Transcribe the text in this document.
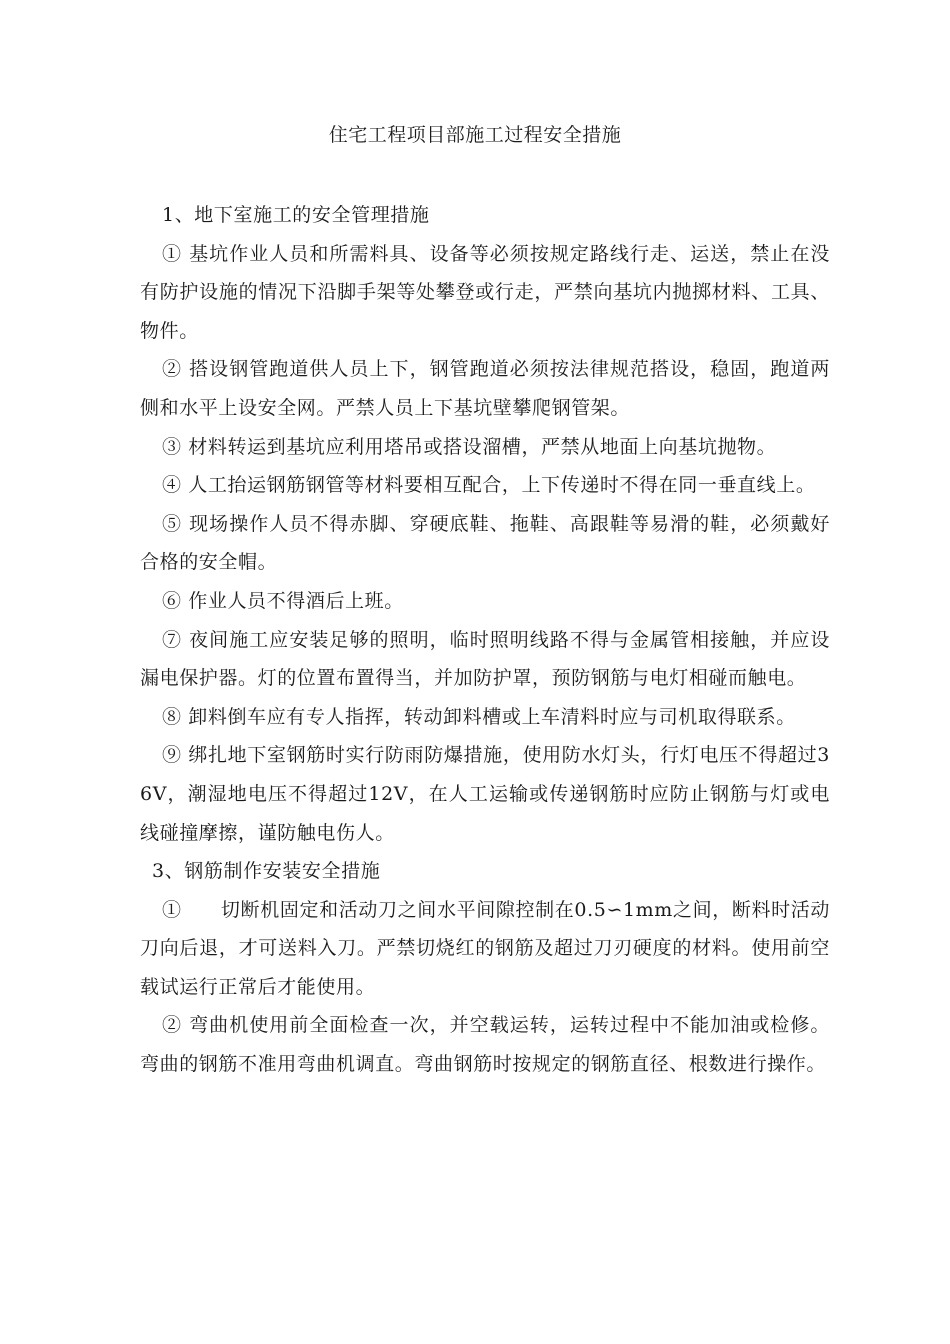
住宅工程项目部施工过程安全措施

1、地下室施工的安全管理措施

① 基坑作业人员和所需料具、设备等必须按规定路线行走、运送，禁止在没有防护设施的情况下沿脚手架等处攀登或行走，严禁向基坑内抛掷材料、工具、物件。

② 搭设钢管跑道供人员上下，钢管跑道必须按法律规范搭设，稳固，跑道两侧和水平上设安全网。严禁人员上下基坑壁攀爬钢管架。

③ 材料转运到基坑应利用塔吊或搭设溜槽，严禁从地面上向基坑抛物。

④ 人工抬运钢筋钢管等材料要相互配合，上下传递时不得在同一垂直线上。

⑤ 现场操作人员不得赤脚、穿硬底鞋、拖鞋、高跟鞋等易滑的鞋，必须戴好合格的安全帽。

⑥ 作业人员不得酒后上班。

⑦ 夜间施工应安装足够的照明，临时照明线路不得与金属管相接触，并应设漏电保护器。灯的位置布置得当，并加防护罩，预防钢筋与电灯相碰而触电。

⑧ 卸料倒车应有专人指挥，转动卸料槽或上车清料时应与司机取得联系。

⑨ 绑扎地下室钢筋时实行防雨防爆措施，使用防水灯头，行灯电压不得超过36V，潮湿地电压不得超过12V，在人工运输或传递钢筋时应防止钢筋与灯或电线碰撞摩擦，谨防触电伤人。

3、钢筋制作安装安全措施

①　　切断机固定和活动刀之间水平间隙控制在0.5∽1mm之间，断料时活动刀向后退，才可送料入刀。严禁切烧红的钢筋及超过刀刃硬度的材料。使用前空载试运行正常后才能使用。

② 弯曲机使用前全面检查一次，并空载运转，运转过程中不能加油或检修。弯曲的钢筋不准用弯曲机调直。弯曲钢筋时按规定的钢筋直径、根数进行操作。
